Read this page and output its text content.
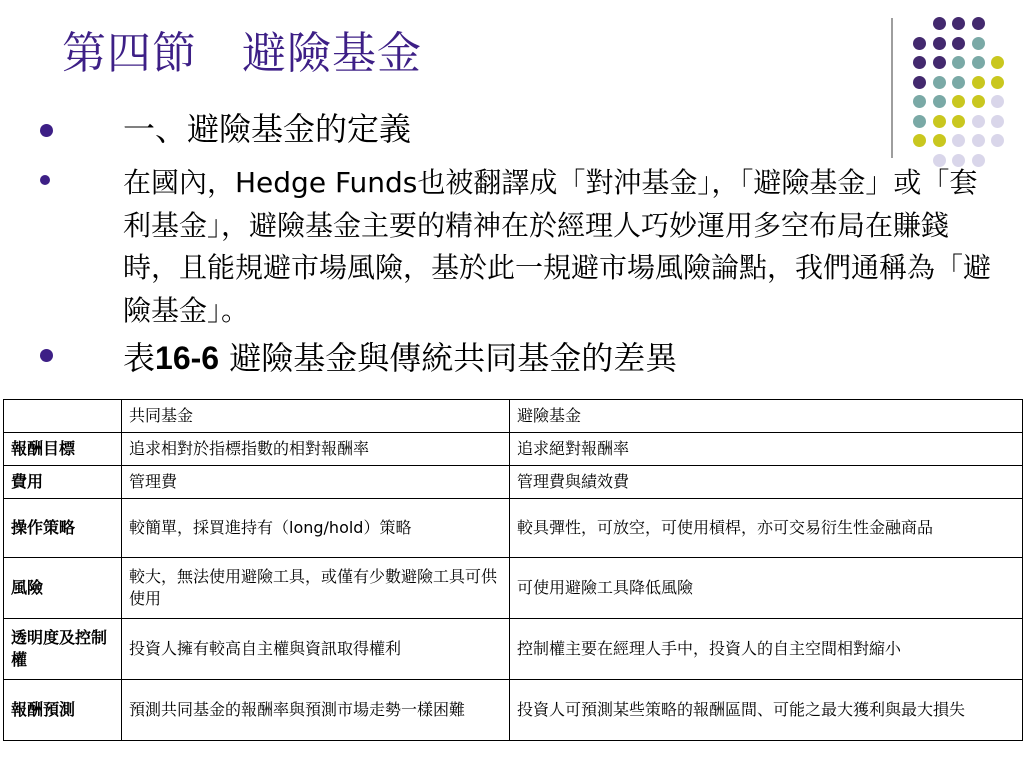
第四節　避險基金
一、避險基金的定義
在國內，Hedge Funds也被翻譯成「對沖基金」，「避險基金」或「套利基金」，避險基金主要的精神在於經理人巧妙運用多空布局在賺錢時，且能規避市場風險，基於此一規避市場風險論點，我們通稱為「避險基金」。
表16-6 避險基金與傳統共同基金的差異
	共同基金	避險基金
報酬目標	追求相對於指標指數的相對報酬率	追求絕對報酬率
費用	管理費	管理費與績效費
操作策略	較簡單，採買進持有（long/hold）策略	較具彈性，可放空，可使用槓桿，亦可交易衍生性金融商品
風險	較大，無法使用避險工具，或僅有少數避險工具可供使用	可使用避險工具降低風險
透明度及控制權	投資人擁有較高自主權與資訊取得權利	控制權主要在經理人手中，投資人的自主空間相對縮小
報酬預測	預測共同基金的報酬率與預測市場走勢一樣困難	投資人可預測某些策略的報酬區間、可能之最大獲利與最大損失
